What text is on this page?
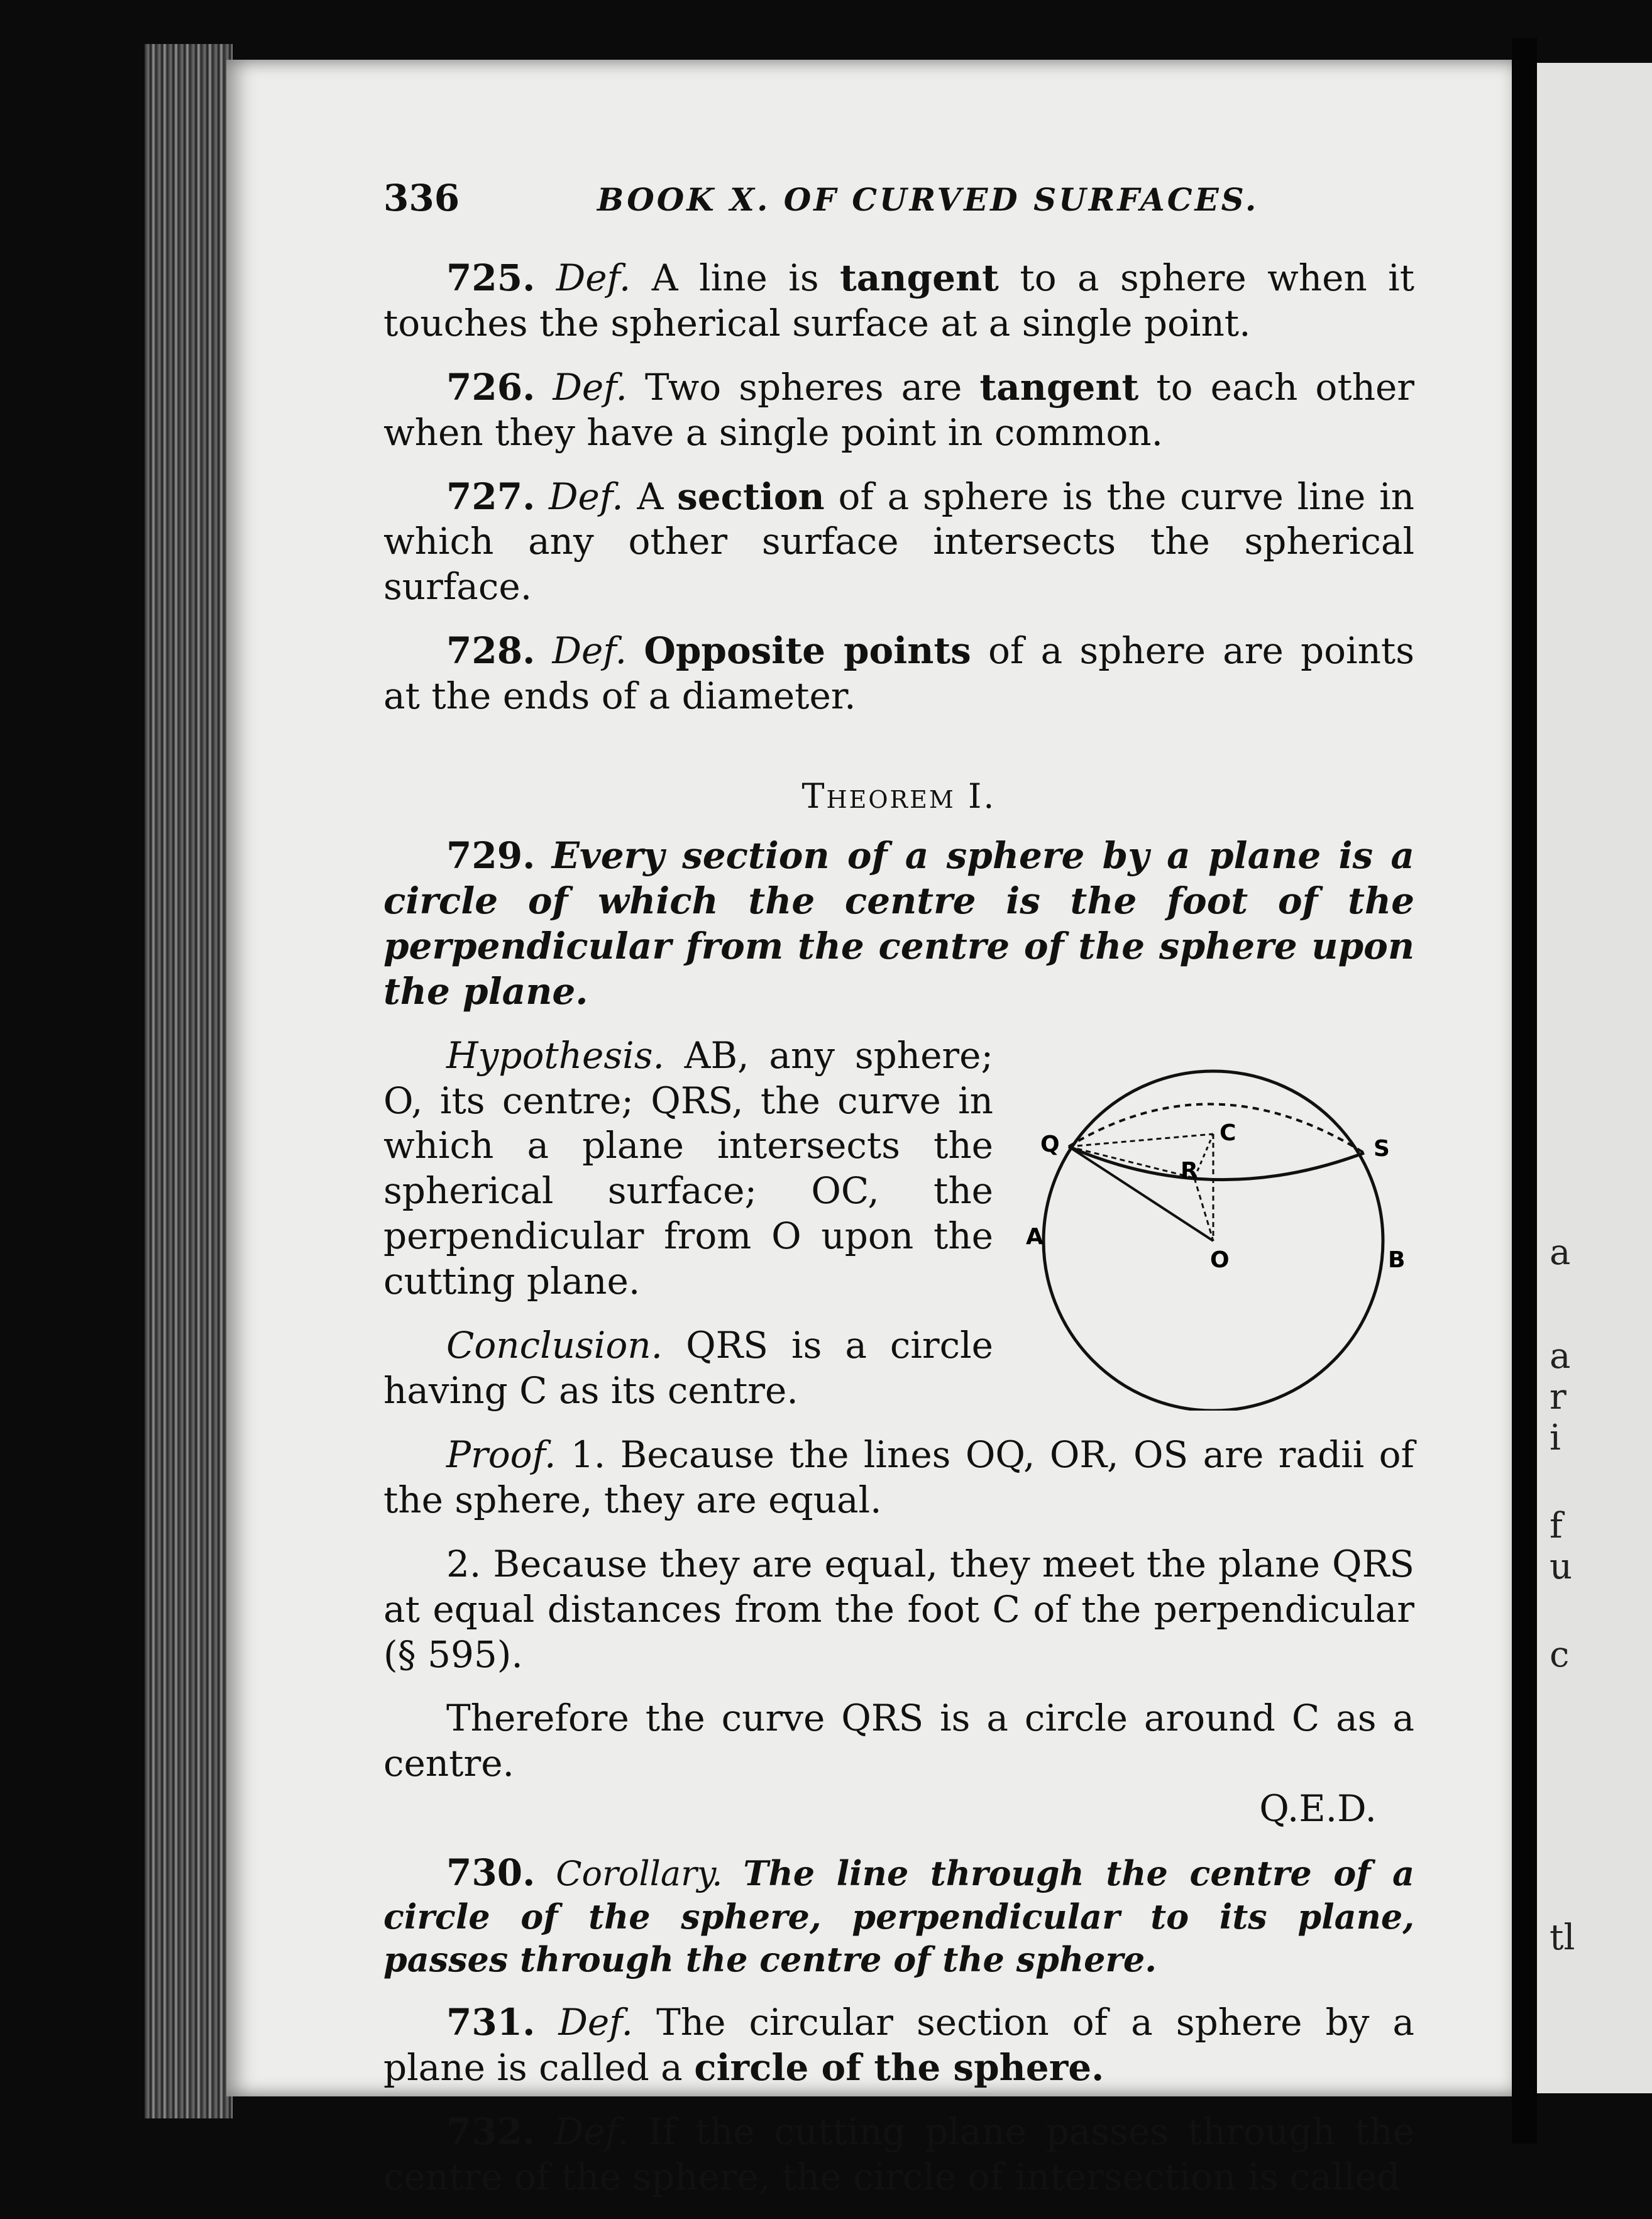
a
a
r
i
f
u
c
tl
336	BOOK X. OF CURVED SURFACES.

725. Def. A line is tangent to a sphere when it touches the spherical surface at a single point.

726. Def. Two spheres are tangent to each other when they have a single point in common.

727. Def. A section of a sphere is the curve line in which any other surface intersects the spherical surface.

728. Def. Opposite points of a sphere are points at the ends of a diameter.

Theorem I.

729. Every section of a sphere by a plane is a circle of which the centre is the foot of the perpendicular from the centre of the sphere upon the plane.

Q	S
R
C
A
O	B

Hypothesis. AB, any sphere; O, its centre; QRS, the curve in which a plane intersects the spherical surface; OC, the perpendicular from O upon the cutting plane.

Conclusion. QRS is a circle having C as its centre.

Proof. 1. Because the lines OQ, OR, OS are radii of the sphere, they are equal.

2. Because they are equal, they meet the plane QRS at equal distances from the foot C of the perpendicular (§ 595).

Therefore the curve QRS is a circle around C as a centre.

Q.E.D.

730. Corollary. The line through the centre of a circle of the sphere, perpendicular to its plane, passes through the centre of the sphere.

731. Def. The circular section of a sphere by a plane is called a circle of the sphere.

732. Def. If the cutting plane passes through the centre of the sphere, the circle of intersection is called
